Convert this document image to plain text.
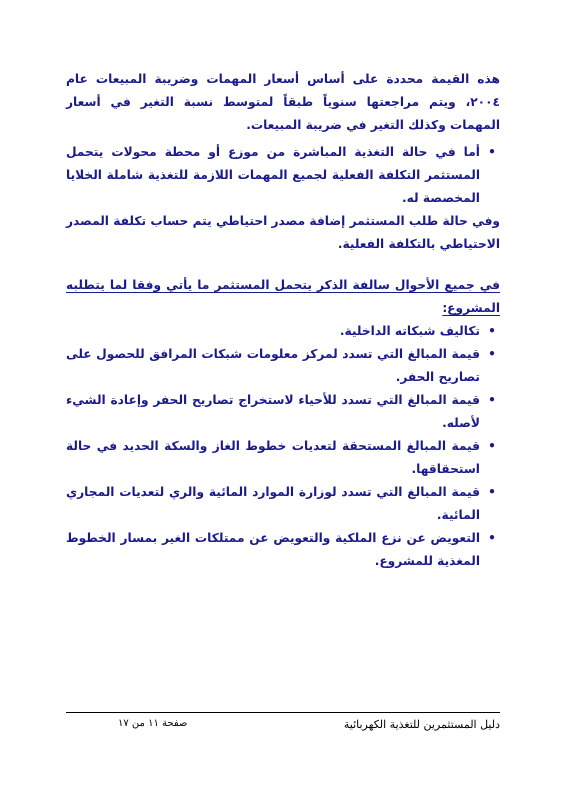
هذه القيمة محددة على أساس أسعار المهمات وضريبة المبيعات عام ٢٠٠٤، ويتم مراجعتها سنوياً طبقاً لمتوسط نسبة التغير في أسعار المهمات وكذلك التغير في ضريبة المبيعات.

•
أما في حالة التغذية المباشرة من موزع أو محطة محولات يتحمل المستثمر التكلفة الفعلية لجميع المهمات اللازمة للتغذية شاملة الخلايا المخصصة له.

وفي حالة طلب المستثمر إضافة مصدر احتياطي يتم حساب تكلفة المصدر الاحتياطي بالتكلفة الفعلية.

في جميع الأحوال سالفة الذكر يتحمل المستثمر ما يأتي وفقا لما يتطلبه المشروع:

•
تكاليف شبكاته الداخلية.

•
قيمة المبالغ التي تسدد لمركز معلومات شبكات المرافق للحصول على تصاريح الحفر.

•
قيمة المبالغ التي تسدد للأحياء لاستخراج تصاريح الحفر وإعادة الشيء لأصله.

•
قيمة المبالغ المستحقة لتعديات خطوط الغاز والسكة الحديد في حالة استحقاقها.

•
قيمة المبالغ التي تسدد لوزارة الموارد المائية والري لتعديات المجاري المائية.

•
التعويض عن نزع الملكية والتعويض عن ممتلكات الغير بمسار الخطوط المغذية للمشروع.

دليل المستثمرين للتغذية الكهربائية
صفحة ١١ من ١٧
